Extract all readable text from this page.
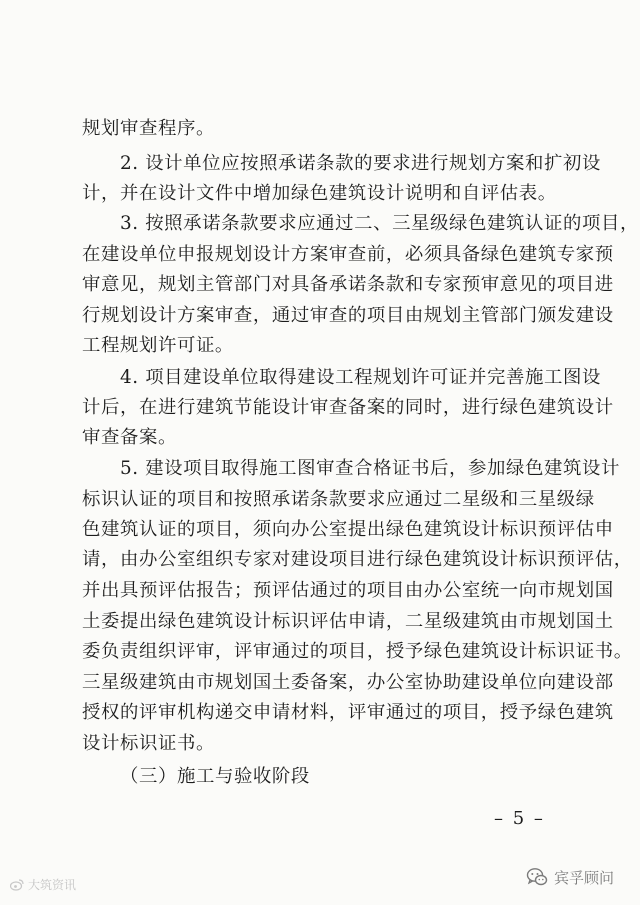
规划审查程序。
2. 设计单位应按照承诺条款的要求进行规划方案和扩初设
计，并在设计文件中增加绿色建筑设计说明和自评估表。
3. 按照承诺条款要求应通过二、三星级绿色建筑认证的项目，
在建设单位申报规划设计方案审查前，必须具备绿色建筑专家预
审意见，规划主管部门对具备承诺条款和专家预审意见的项目进
行规划设计方案审查，通过审查的项目由规划主管部门颁发建设
工程规划许可证。
4. 项目建设单位取得建设工程规划许可证并完善施工图设
计后，在进行建筑节能设计审查备案的同时，进行绿色建筑设计
审查备案。
5. 建设项目取得施工图审查合格证书后，参加绿色建筑设计
标识认证的项目和按照承诺条款要求应通过二星级和三星级绿
色建筑认证的项目，须向办公室提出绿色建筑设计标识预评估申
请，由办公室组织专家对建设项目进行绿色建筑设计标识预评估，
并出具预评估报告；预评估通过的项目由办公室统一向市规划国
土委提出绿色建筑设计标识评估申请，二星级建筑由市规划国土
委负责组织评审，评审通过的项目，授予绿色建筑设计标识证书。
三星级建筑由市规划国土委备案，办公室协助建设单位向建设部
授权的评审机构递交申请材料，评审通过的项目，授予绿色建筑
设计标识证书。
（三）施工与验收阶段
– 5 –
大筑资讯	宾孚顾问
